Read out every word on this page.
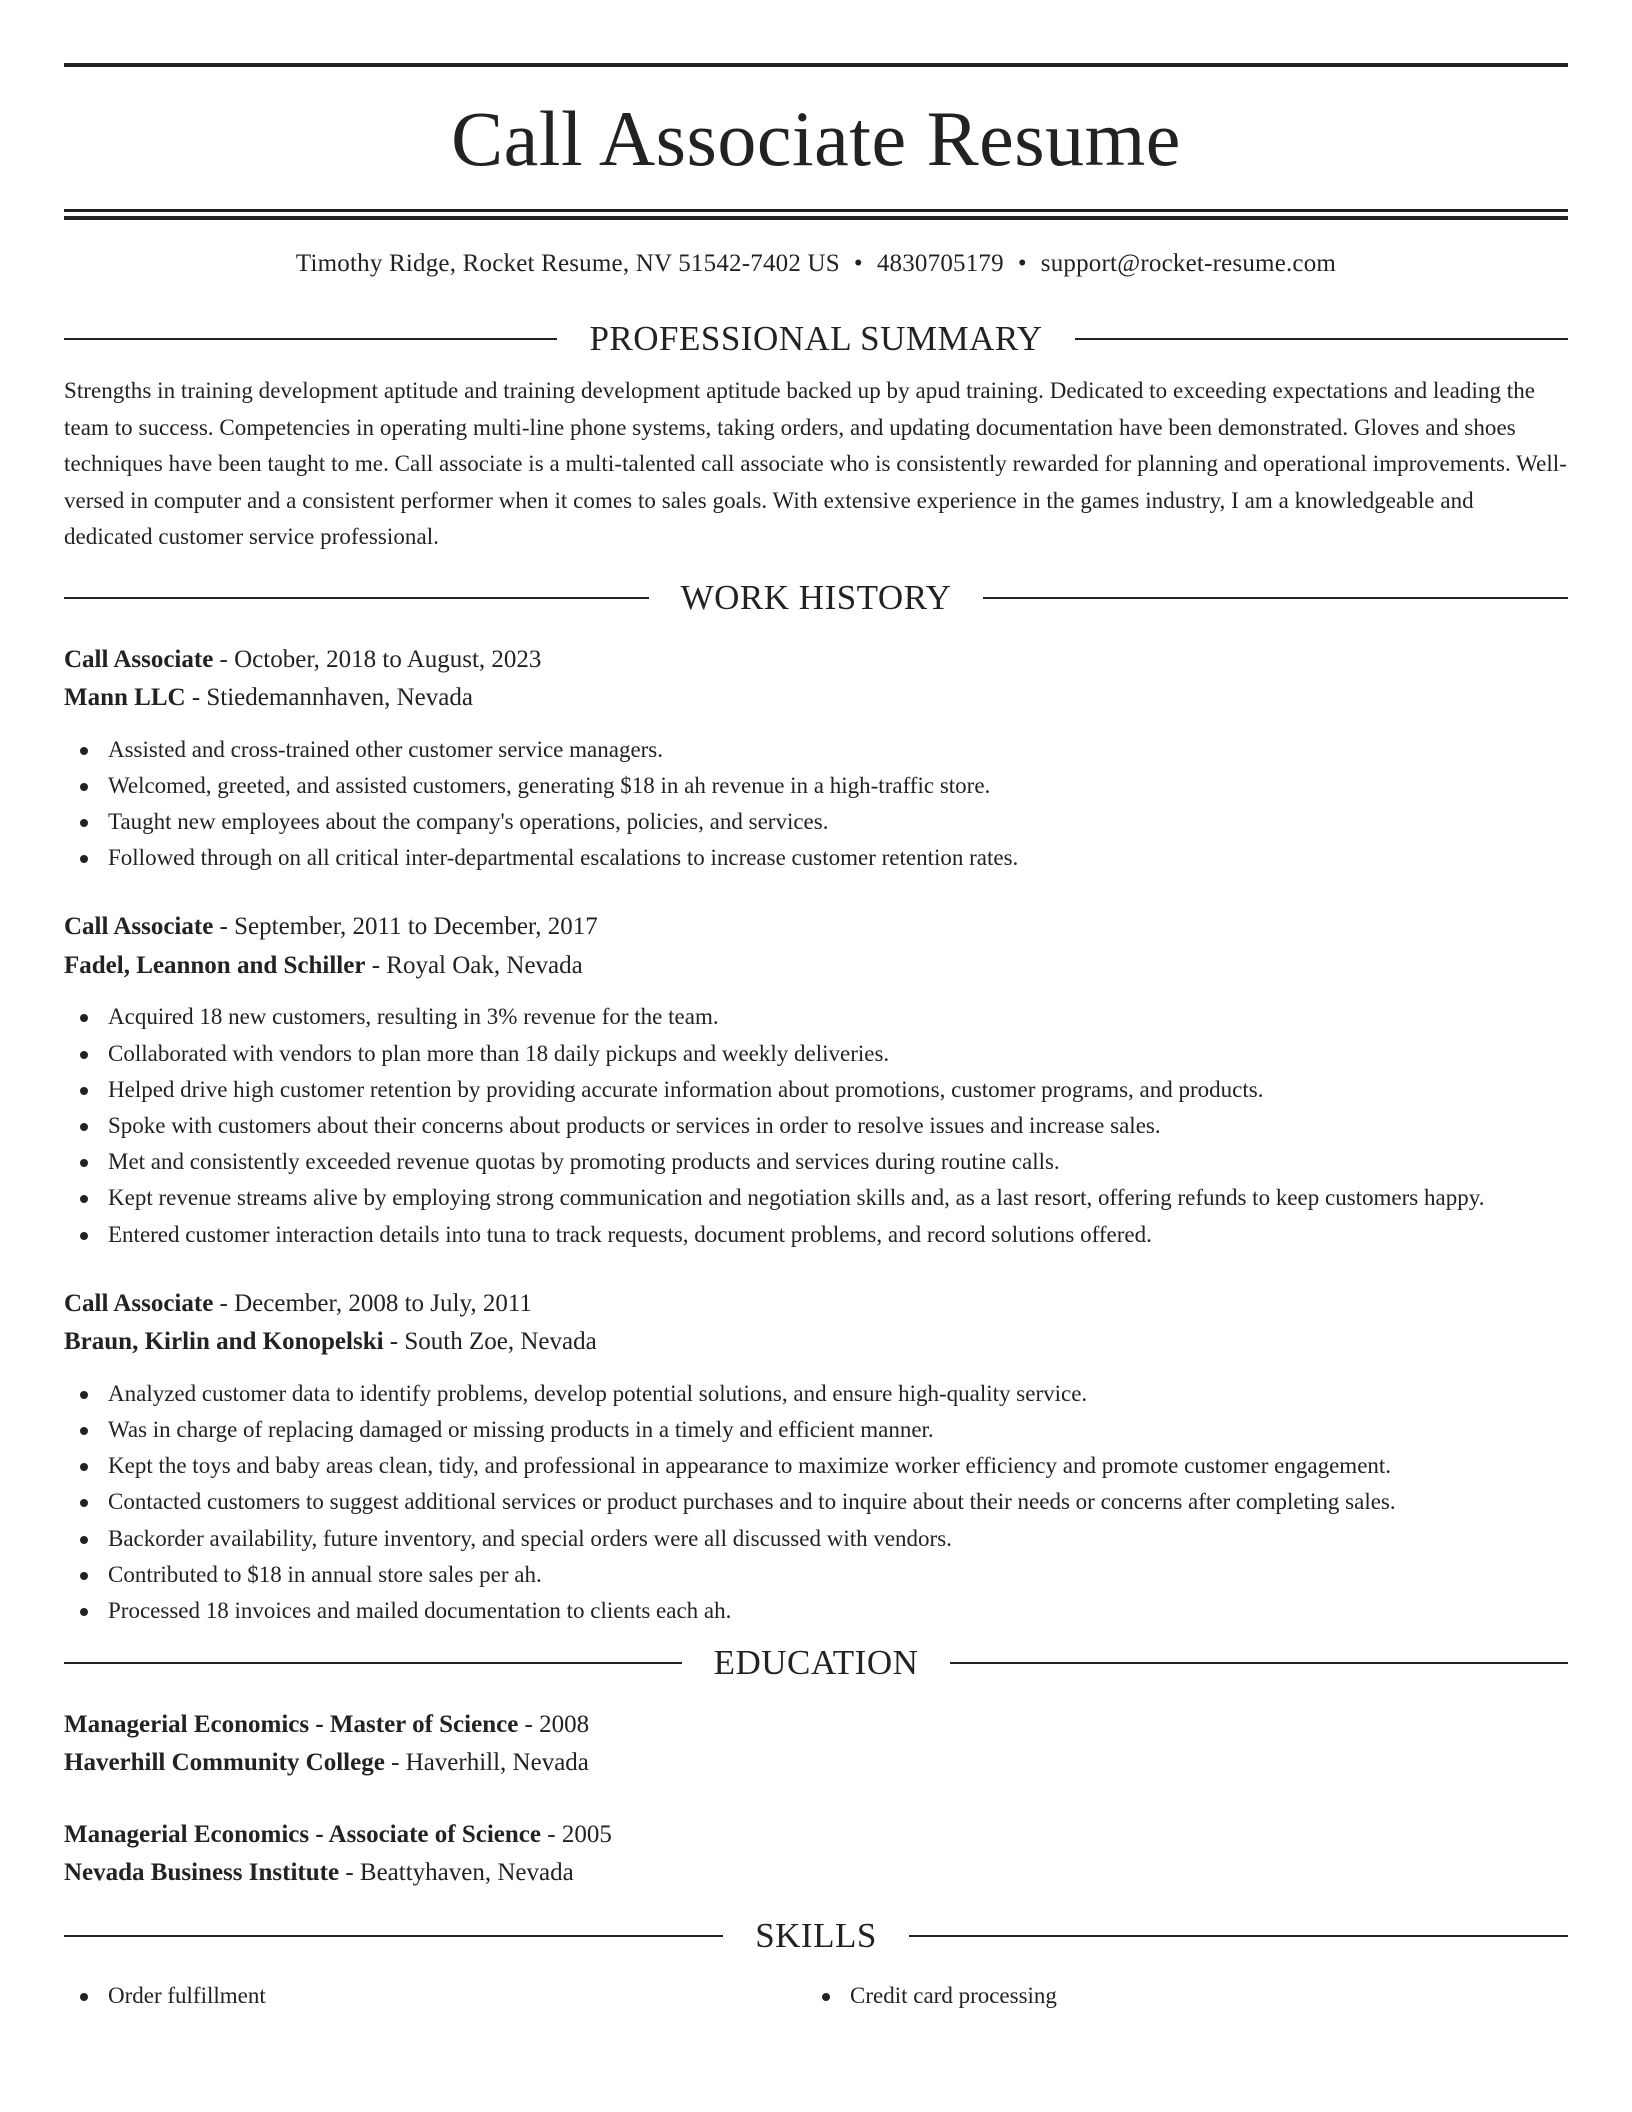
Call Associate Resume
Timothy Ridge, Rocket Resume, NV 51542-7402 US • 4830705179 • support@rocket-resume.com
PROFESSIONAL SUMMARY

Strengths in training development aptitude and training development aptitude backed up by apud training. Dedicated to exceeding expectations and leading the team to success. Competencies in operating multi-line phone systems, taking orders, and updating documentation have been demonstrated. Gloves and shoes techniques have been taught to me. Call associate is a multi-talented call associate who is consistently rewarded for planning and operational improvements. Well-versed in computer and a consistent performer when it comes to sales goals. With extensive experience in the games industry, I am a knowledgeable and dedicated customer service professional.

WORK HISTORY
Call Associate - October, 2018 to August, 2023
Mann LLC - Stiedemannhaven, Nevada
Assisted and cross-trained other customer service managers.
Welcomed, greeted, and assisted customers, generating $18 in ah revenue in a high-traffic store.
Taught new employees about the company's operations, policies, and services.
Followed through on all critical inter-departmental escalations to increase customer retention rates.
Call Associate - September, 2011 to December, 2017
Fadel, Leannon and Schiller - Royal Oak, Nevada
Acquired 18 new customers, resulting in 3% revenue for the team.
Collaborated with vendors to plan more than 18 daily pickups and weekly deliveries.
Helped drive high customer retention by providing accurate information about promotions, customer programs, and products.
Spoke with customers about their concerns about products or services in order to resolve issues and increase sales.
Met and consistently exceeded revenue quotas by promoting products and services during routine calls.
Kept revenue streams alive by employing strong communication and negotiation skills and, as a last resort, offering refunds to keep customers happy.
Entered customer interaction details into tuna to track requests, document problems, and record solutions offered.
Call Associate - December, 2008 to July, 2011
Braun, Kirlin and Konopelski - South Zoe, Nevada
Analyzed customer data to identify problems, develop potential solutions, and ensure high-quality service.
Was in charge of replacing damaged or missing products in a timely and efficient manner.
Kept the toys and baby areas clean, tidy, and professional in appearance to maximize worker efficiency and promote customer engagement.
Contacted customers to suggest additional services or product purchases and to inquire about their needs or concerns after completing sales.
Backorder availability, future inventory, and special orders were all discussed with vendors.
Contributed to $18 in annual store sales per ah.
Processed 18 invoices and mailed documentation to clients each ah.
EDUCATION
Managerial Economics - Master of Science - 2008
Haverhill Community College - Haverhill, Nevada
Managerial Economics - Associate of Science - 2005
Nevada Business Institute - Beattyhaven, Nevada
SKILLS
Order fulfillment	Credit card processing
